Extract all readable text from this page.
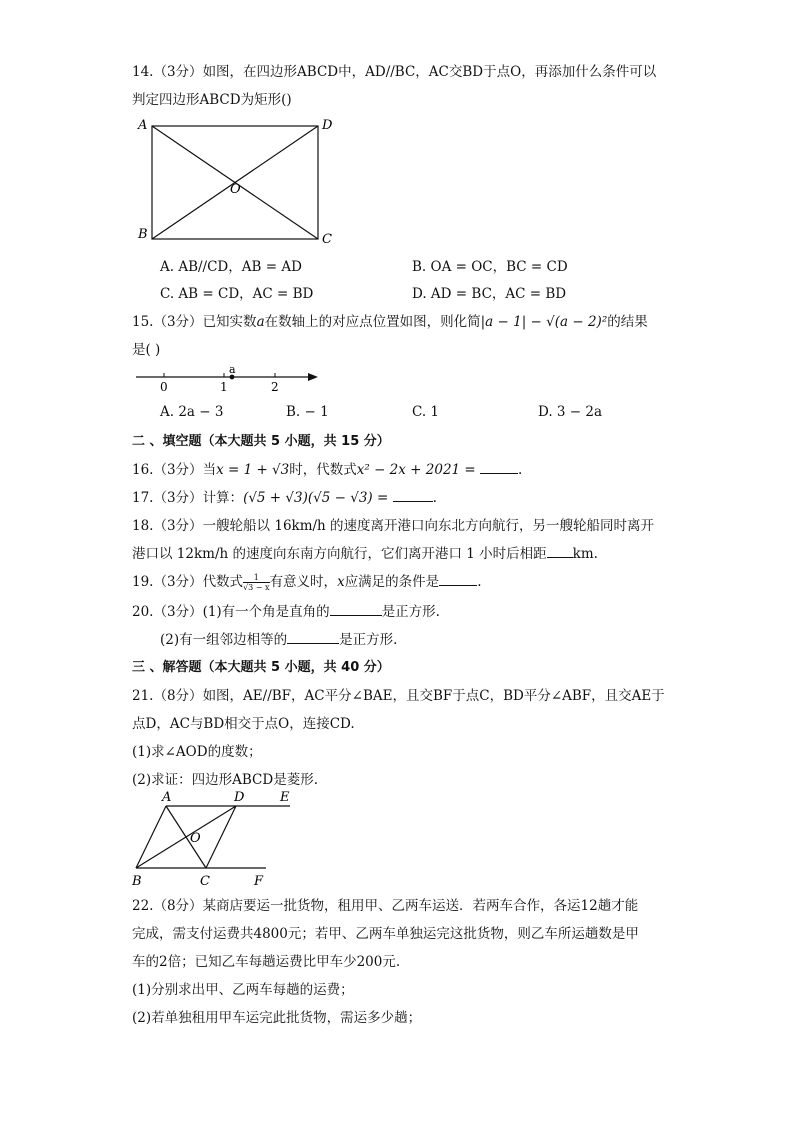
14.（3分）如图，在四边形ABCD中，AD//BC，AC交BD于点O，再添加什么条件可以
判定四边形ABCD为矩形()
A	D
B	C
O
A. AB//CD，AB = AD	B. OA = OC，BC = CD
C. AB = CD，AC = BD	D. AD = BC，AC = BD
15.（3分）已知实数a在数轴上的对应点位置如图，则化简|a − 1| − √(a − 2)²的结果
是( )
a
0	1	2
A. 2a − 3	B. − 1	C. 1	D. 3 − 2a
二 、填空题（本大题共 5 小题，共 15 分）
16.（3分）当x = 1 + √3时，代数式x² − 2x + 2021 =	.
17.（3分）计算：(√5 + √3)(√5 − √3) =	.
18.（3分）一艘轮船以 16km/h 的速度离开港口向东北方向航行，另一艘轮船同时离开
港口以 12km/h 的速度向东南方向航行，它们离开港口 1 小时后相距 km.
19.（3分）代数式 $\frac{1}{√3 - x}$ 有意义时，x应满足的条件是	.
20.（3分）(1)有一个角是直角的	是正方形.
(2)有一组邻边相等的	是正方形.
三 、解答题（本大题共 5 小题，共 40 分）
21.（8分）如图，AE//BF，AC平分∠BAE，且交BF于点C，BD平分∠ABF，且交AE于
点D，AC与BD相交于点O，连接CD.
(1)求∠AOD的度数；
(2)求证：四边形ABCD是菱形.
A	D	E
O
B	C	F
22.（8分）某商店要运一批货物，租用甲、乙两车运送．若两车合作，各运12趟才能
完成，需支付运费共4800元；若甲、乙两车单独运完这批货物，则乙车所运趟数是甲
车的2倍；已知乙车每趟运费比甲车少200元.
(1)分别求出甲、乙两车每趟的运费；
(2)若单独租用甲车运完此批货物，需运多少趟；
